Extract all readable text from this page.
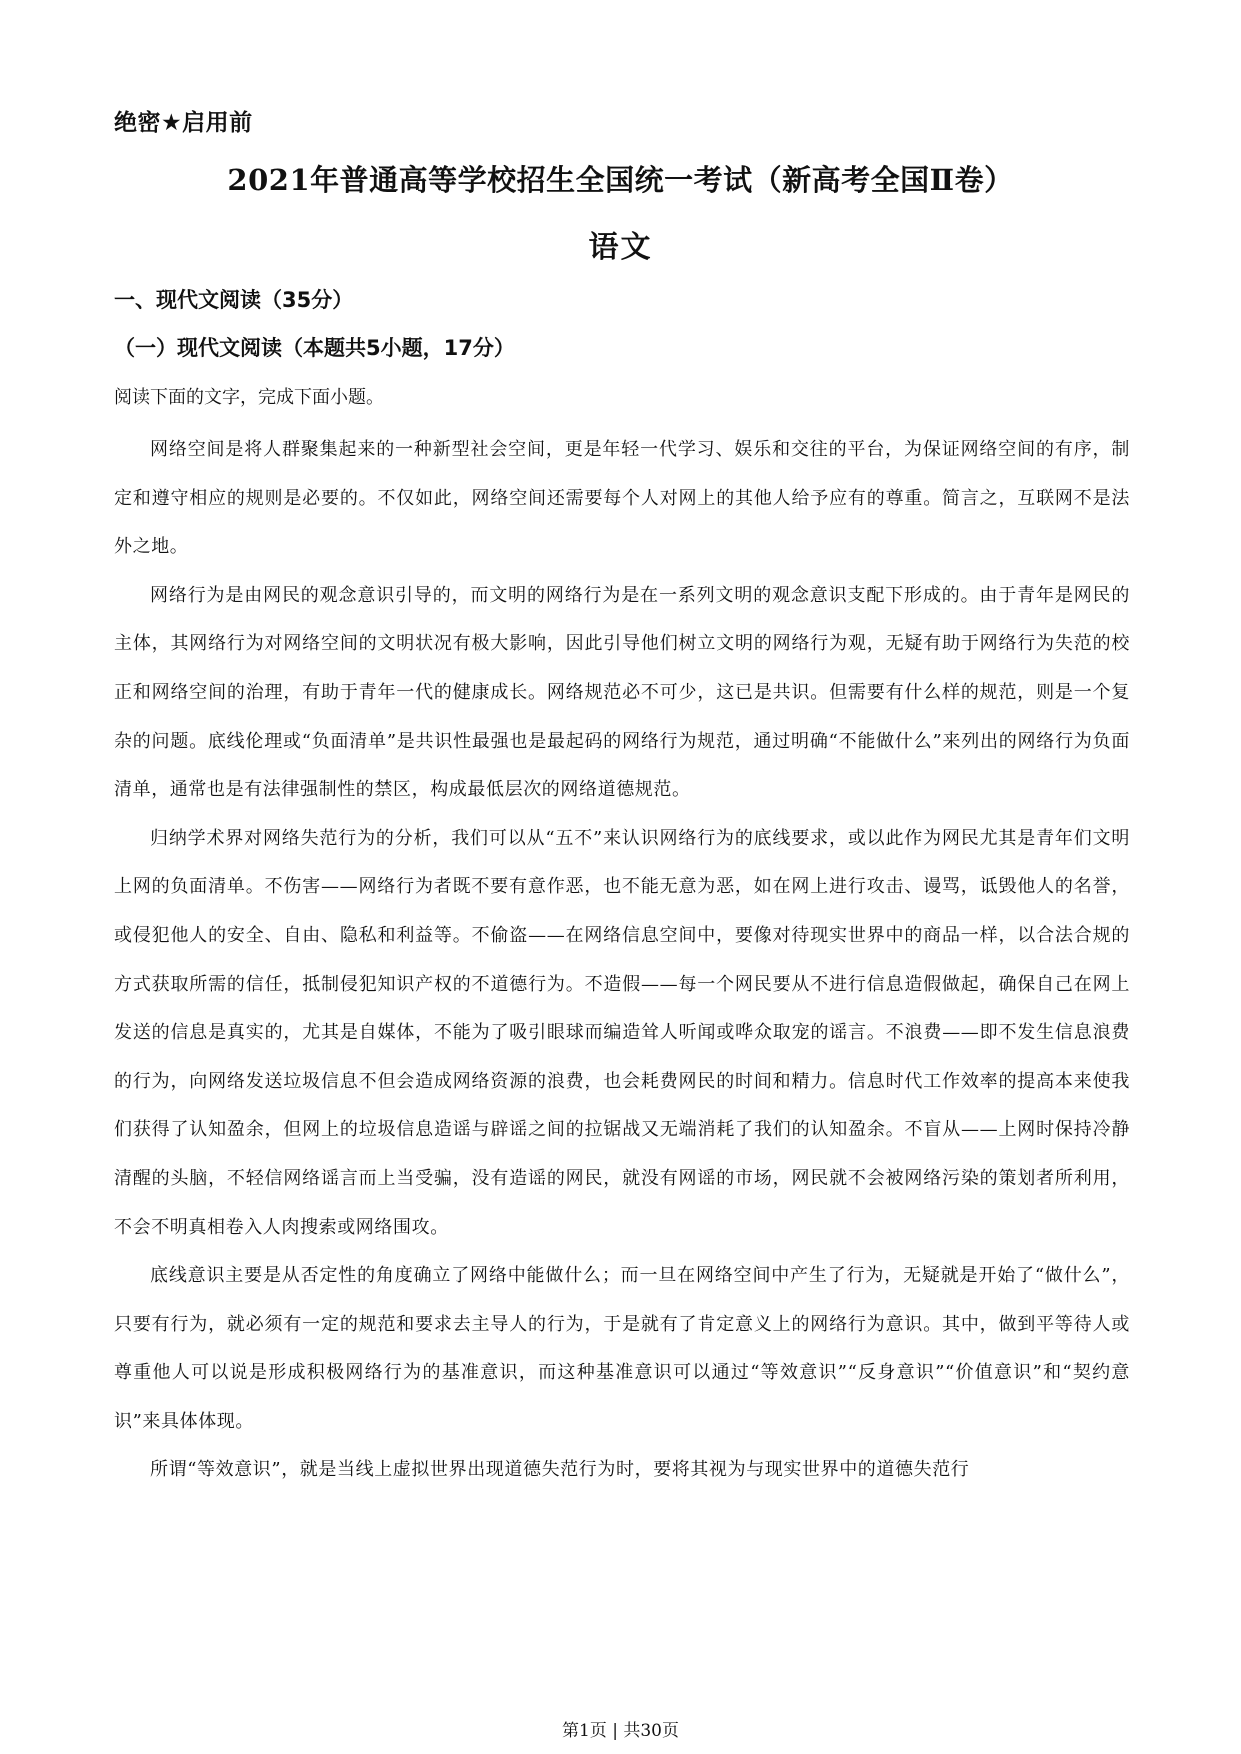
绝密★启用前
2021年普通高等学校招生全国统一考试（新高考全国Ⅱ卷）
语文
一、现代文阅读（35分）
（一）现代文阅读（本题共5小题，17分）
阅读下面的文字，完成下面小题。

网络空间是将人群聚集起来的一种新型社会空间，更是年轻一代学习、娱乐和交往的平台，为保证网络空间的有序，制定和遵守相应的规则是必要的。不仅如此，网络空间还需要每个人对网上的其他人给予应有的尊重。简言之，互联网不是法外之地。

网络行为是由网民的观念意识引导的，而文明的网络行为是在一系列文明的观念意识支配下形成的。由于青年是网民的主体，其网络行为对网络空间的文明状况有极大影响，因此引导他们树立文明的网络行为观，无疑有助于网络行为失范的校正和网络空间的治理，有助于青年一代的健康成长。网络规范必不可少，这已是共识。但需要有什么样的规范，则是一个复杂的问题。底线伦理或“负面清单”是共识性最强也是最起码的网络行为规范，通过明确“不能做什么”来列出的网络行为负面清单，通常也是有法律强制性的禁区，构成最低层次的网络道德规范。

归纳学术界对网络失范行为的分析，我们可以从“五不”来认识网络行为的底线要求，或以此作为网民尤其是青年们文明上网的负面清单。不伤害——网络行为者既不要有意作恶，也不能无意为恶，如在网上进行攻击、谩骂，诋毁他人的名誉，或侵犯他人的安全、自由、隐私和利益等。不偷盗——在网络信息空间中，要像对待现实世界中的商品一样，以合法合规的方式获取所需的信任，抵制侵犯知识产权的不道德行为。不造假——每一个网民要从不进行信息造假做起，确保自己在网上发送的信息是真实的，尤其是自媒体，不能为了吸引眼球而编造耸人听闻或哗众取宠的谣言。不浪费——即不发生信息浪费的行为，向网络发送垃圾信息不但会造成网络资源的浪费，也会耗费网民的时间和精力。信息时代工作效率的提高本来使我们获得了认知盈余，但网上的垃圾信息造谣与辟谣之间的拉锯战又无端消耗了我们的认知盈余。不盲从——上网时保持冷静清醒的头脑，不轻信网络谣言而上当受骗，没有造谣的网民，就没有网谣的市场，网民就不会被网络污染的策划者所利用，不会不明真相卷入人肉搜索或网络围攻。

底线意识主要是从否定性的角度确立了网络中能做什么；而一旦在网络空间中产生了行为，无疑就是开始了“做什么”，只要有行为，就必须有一定的规范和要求去主导人的行为，于是就有了肯定意义上的网络行为意识。其中，做到平等待人或尊重他人可以说是形成积极网络行为的基准意识，而这种基准意识可以通过“等效意识”“反身意识”“价值意识”和“契约意识”来具体体现。

所谓“等效意识”，就是当线上虚拟世界出现道德失范行为时，要将其视为与现实世界中的道德失范行

第1页 | 共30页
